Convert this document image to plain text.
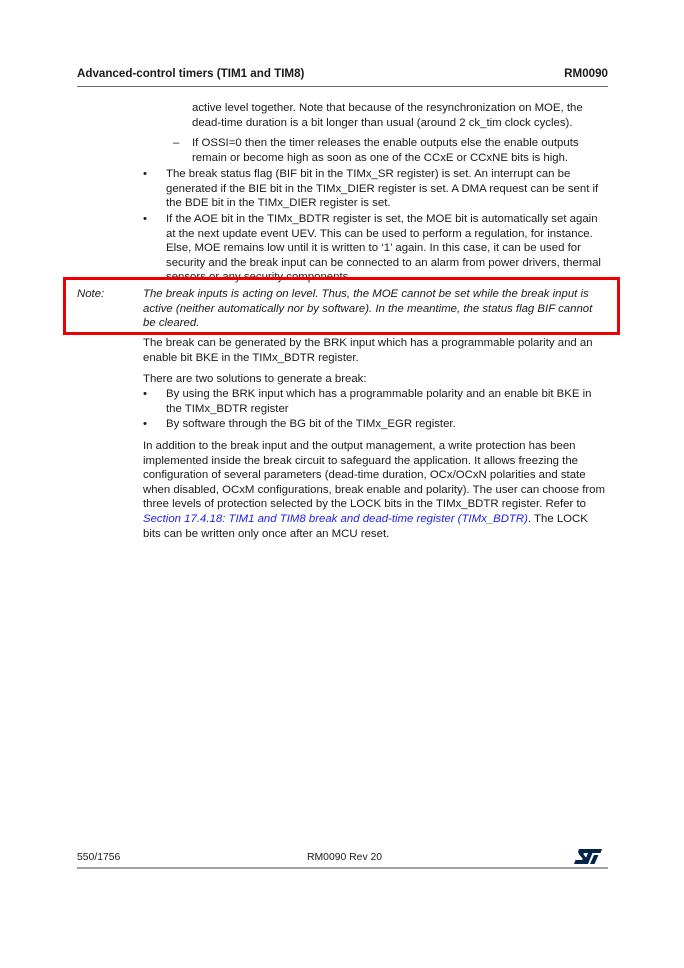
Advanced-control timers (TIM1 and TIM8)	RM0090
active level together. Note that because of the resynchronization on MOE, the
dead-time duration is a bit longer than usual (around 2 ck_tim clock cycles).
– If OSSI=0 then the timer releases the enable outputs else the enable outputs
remain or become high as soon as one of the CCxE or CCxNE bits is high.
•	The break status flag (BIF bit in the TIMx_SR register) is set. An interrupt can be
generated if the BIE bit in the TIMx_DIER register is set. A DMA request can be sent if
the BDE bit in the TIMx_DIER register is set.
•	If the AOE bit in the TIMx_BDTR register is set, the MOE bit is automatically set again
at the next update event UEV. This can be used to perform a regulation, for instance.
Else, MOE remains low until it is written to ‘1’ again. In this case, it can be used for
security and the break input can be connected to an alarm from power drivers, thermal
sensors or any security components.
Note:	The break inputs is acting on level. Thus, the MOE cannot be set while the break input is
active (neither automatically nor by software). In the meantime, the status flag BIF cannot
be cleared.
The break can be generated by the BRK input which has a programmable polarity and an
enable bit BKE in the TIMx_BDTR register.
There are two solutions to generate a break:
•	By using the BRK input which has a programmable polarity and an enable bit BKE in
the TIMx_BDTR register
•	By software through the BG bit of the TIMx_EGR register.
In addition to the break input and the output management, a write protection has been
implemented inside the break circuit to safeguard the application. It allows freezing the
configuration of several parameters (dead-time duration, OCx/OCxN polarities and state
when disabled, OCxM configurations, break enable and polarity). The user can choose from
three levels of protection selected by the LOCK bits in the TIMx_BDTR register. Refer to
Section 17.4.18: TIM1 and TIM8 break and dead-time register (TIMx_BDTR). The LOCK
bits can be written only once after an MCU reset.
550/1756	RM0090 Rev 20
